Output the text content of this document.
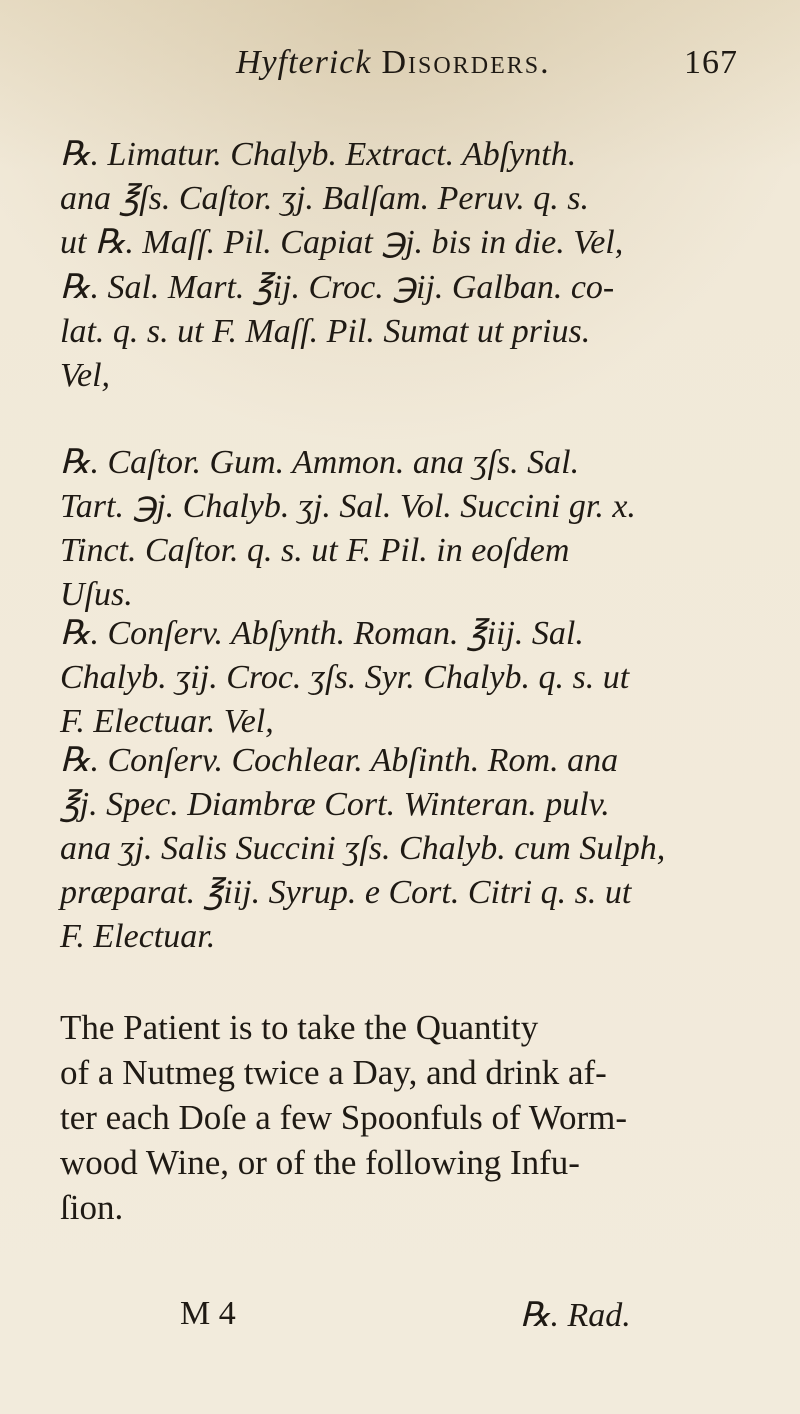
Hyfterick Disorders.	167
℞. Limatur. Chalyb. Extract. Abſynth.
ana ℥ſs. Caſtor. ʒj. Balſam. Peruv. q. s.
ut ℞. Maſſ. Pil. Capiat ℈j. bis in die. Vel,
℞. Sal. Mart. ℥ij. Croc. ℈ij. Galban. co-
lat. q. s. ut F. Maſſ. Pil. Sumat ut prius.
Vel,
℞. Caſtor. Gum. Ammon. ana ʒſs. Sal.
Tart. ℈j. Chalyb. ʒj. Sal. Vol. Succini gr. x.
Tinct. Caſtor. q. s. ut F. Pil. in eoſdem
Uſus.
℞. Conſerv. Abſynth. Roman. ℥iij. Sal.
Chalyb. ʒij. Croc. ʒſs. Syr. Chalyb. q. s. ut
F. Electuar. Vel,
℞. Conſerv. Cochlear. Abſinth. Rom. ana
℥j. Spec. Diambræ Cort. Winteran. pulv.
ana ʒj. Salis Succini ʒſs. Chalyb. cum Sulph,
præparat. ℥iij. Syrup. e Cort. Citri q. s. ut
F. Electuar.
The Patient is to take the Quantity
of a Nutmeg twice a Day, and drink af-
ter each Doſe a few Spoonfuls of Worm-
wood Wine, or of the following Infu-
ſion.
M 4	℞. Rad.
